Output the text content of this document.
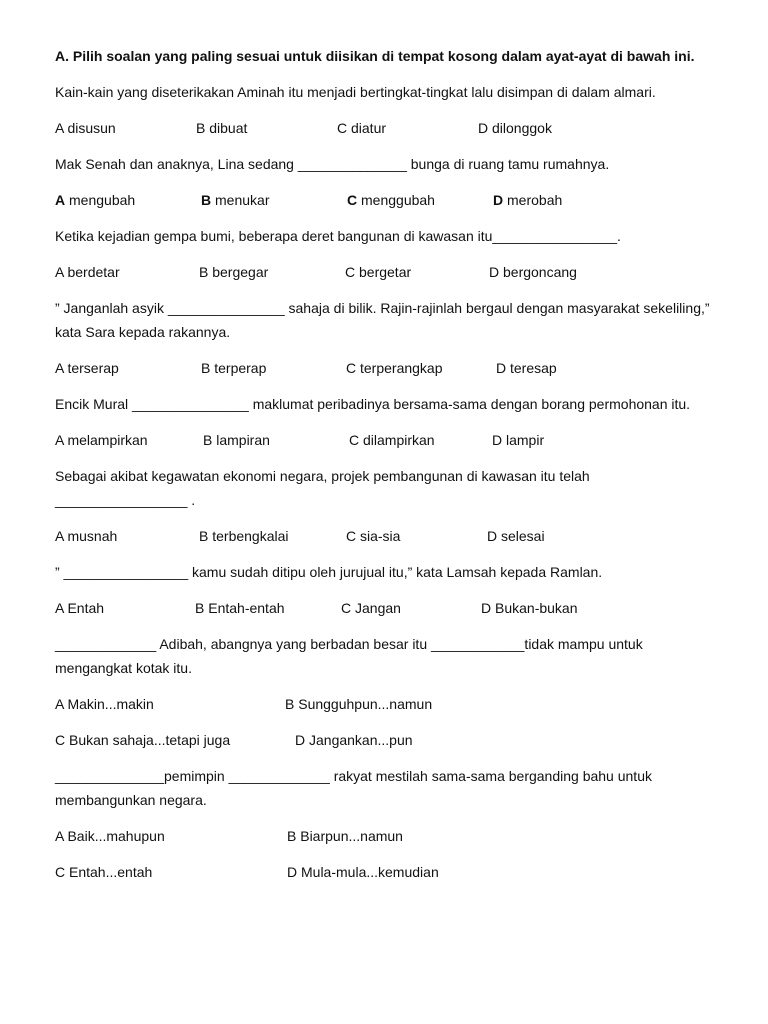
A. Pilih soalan yang paling sesuai untuk diisikan di tempat kosong dalam ayat-ayat di bawah ini.
Kain-kain yang diseterikakan Aminah itu menjadi bertingkat-tingkat lalu disimpan di dalam almari.
A disusun	B dibuat	C diatur	D dilonggok
Mak Senah dan anaknya, Lina sedang ______________ bunga di ruang tamu rumahnya.
A mengubah	B menukar	C menggubah	D merobah
Ketika kejadian gempa bumi, beberapa deret bangunan di kawasan itu________________.
A berdetar	B bergegar	C bergetar	D bergoncang
” Janganlah asyik _______________ sahaja di bilik. Rajin-rajinlah bergaul dengan masyarakat sekeliling,” kata Sara kepada rakannya.
A terserap	B terperap	C terperangkap	D teresap
Encik Mural _______________ maklumat peribadinya bersama-sama dengan borang permohonan itu.
A melampirkan	B lampiran	C dilampirkan	D lampir
Sebagai akibat kegawatan ekonomi negara, projek pembangunan di kawasan itu telah
_________________ .
A musnah	B terbengkalai	C sia-sia	D selesai
” ________________ kamu sudah ditipu oleh jurujual itu,” kata Lamsah kepada Ramlan.
A Entah	B Entah-entah	C Jangan	D Bukan-bukan
_____________ Adibah, abangnya yang berbadan besar itu ____________tidak mampu untuk mengangkat kotak itu.
A Makin...makin	B Sungguhpun...namun
C Bukan sahaja...tetapi juga	D Jangankan...pun
______________pemimpin _____________ rakyat mestilah sama-sama berganding bahu untuk membangunkan negara.
A Baik...mahupun	B Biarpun...namun
C Entah...entah	D Mula-mula...kemudian
